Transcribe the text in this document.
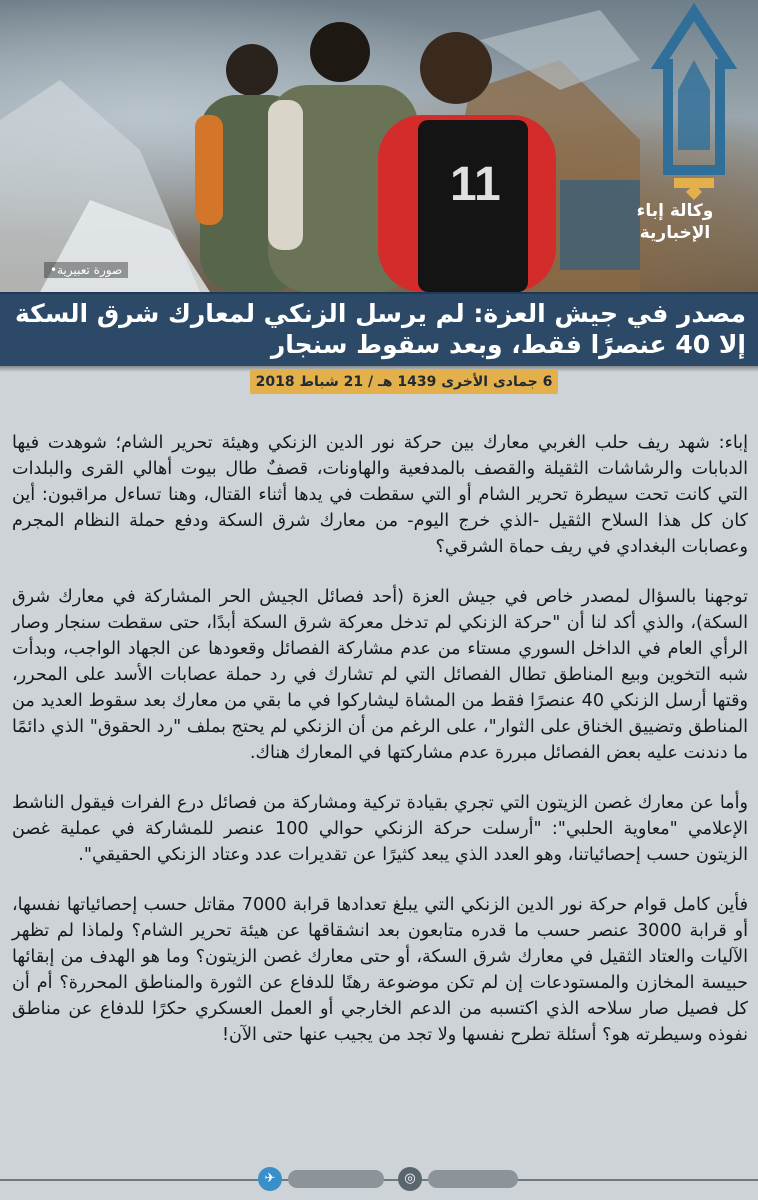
11
•صورة تعبيرية
وكالة إباء
الإخبارية
مصدر في جيش العزة: لم يرسل الزنكي لمعارك شرق السكة إلا 40 عنصرًا فقط، وبعد سقوط سنجار
6 جمادى الأخرى 1439 هـ / 21 شباط 2018

إباء: شهد ريف حلب الغربي معارك بين حركة نور الدين الزنكي وهيئة تحرير الشام؛ شوهدت فيها الدبابات والرشاشات الثقيلة والقصف بالمدفعية والهاونات، قصفٌ طال بيوت أهالي القرى والبلدات التي كانت تحت سيطرة تحرير الشام أو التي سقطت في يدها أثناء القتال، وهنا تساءل مراقبون: أين كان كل هذا السلاح الثقيل -الذي خرج اليوم- من معارك شرق السكة ودفع حملة النظام المجرم وعصابات البغدادي في ريف حماة الشرقي؟

توجهنا بالسؤال لمصدر خاص في جيش العزة (أحد فصائل الجيش الحر المشاركة في معارك شرق السكة)، والذي أكد لنا أن "حركة الزنكي لم تدخل معركة شرق السكة أبدًا، حتى سقطت سنجار وصار الرأي العام في الداخل السوري مستاء من عدم مشاركة الفصائل وقعودها عن الجهاد الواجب، وبدأت شبه التخوين وبيع المناطق تطال الفصائل التي لم تشارك في رد حملة عصابات الأسد على المحرر، وقتها أرسل الزنكي 40 عنصرًا فقط من المشاة ليشاركوا في ما بقي من معارك بعد سقوط العديد من المناطق وتضييق الخناق على الثوار"، على الرغم من أن الزنكي لم يحتج بملف "رد الحقوق" الذي دائمًا ما دندنت عليه بعض الفصائل مبررة عدم مشاركتها في المعارك هناك.

وأما عن معارك غصن الزيتون التي تجري بقيادة تركية ومشاركة من فصائل درع الفرات فيقول الناشط الإعلامي "معاوية الحلبي": "أرسلت حركة الزنكي حوالي 100 عنصر للمشاركة في عملية غصن الزيتون حسب إحصائياتنا، وهو العدد الذي يبعد كثيرًا عن تقديرات عدد وعتاد الزنكي الحقيقي".

فأين كامل قوام حركة نور الدين الزنكي التي يبلغ تعدادها قرابة 7000 مقاتل حسب إحصائياتها نفسها، أو قرابة 3000 عنصر حسب ما قدره متابعون بعد انشقاقها عن هيئة تحرير الشام؟ ولماذا لم تظهر الآليات والعتاد الثقيل في معارك شرق السكة، أو حتى معارك غصن الزيتون؟ وما هو الهدف من إبقائها حبيسة المخازن والمستودعات إن لم تكن موضوعة رهنًا للدفاع عن الثورة والمناطق المحررة؟ أم أن كل فصيل صار سلاحه الذي اكتسبه من الدعم الخارجي أو العمل العسكري حكرًا للدفاع عن مناطق نفوذه وسيطرته هو؟ أسئلة تطرح نفسها ولا تجد من يجيب عنها حتى الآن!

✈	◎
